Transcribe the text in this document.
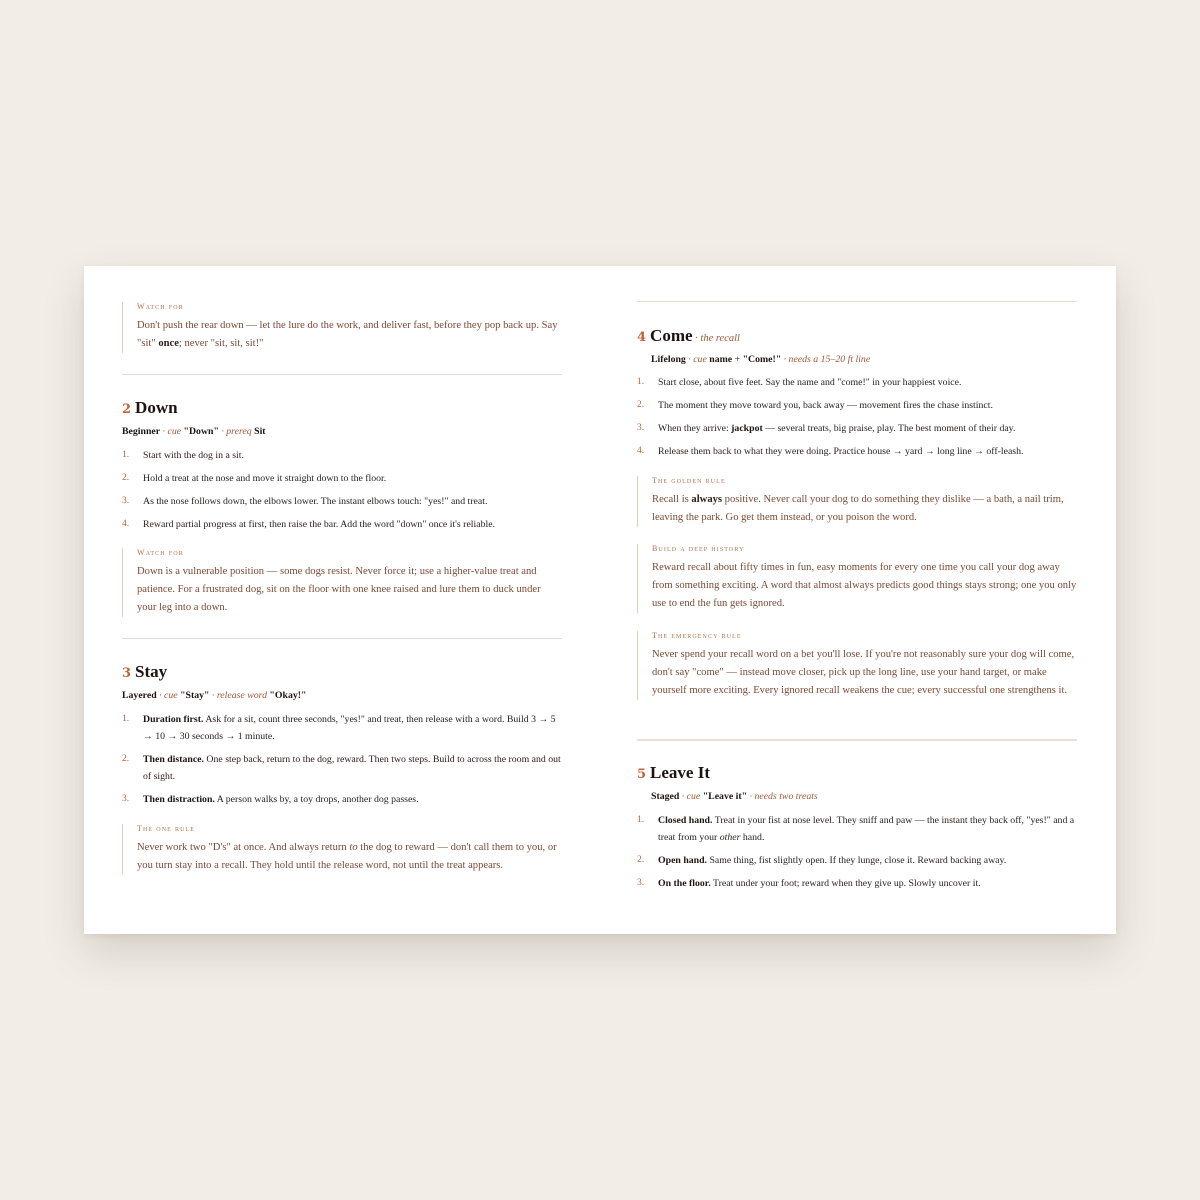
Watch for

Don't push the rear down — let the lure do the work, and deliver fast, before they pop back up. Say "sit" once; never "sit, sit, sit!"

2 Down

Beginner · cue "Down" · prereq Sit

1. Start with the dog in a sit.
2. Hold a treat at the nose and move it straight down to the floor.
3. As the nose follows down, the elbows lower. The instant elbows touch: "yes!" and treat.
4. Reward partial progress at first, then raise the bar. Add the word "down" once it's reliable.

Watch for

Down is a vulnerable position — some dogs resist. Never force it; use a higher-value treat and patience. For a frustrated dog, sit on the floor with one knee raised and lure them to duck under your leg into a down.

3 Stay

Layered · cue "Stay" · release word "Okay!"

1. Duration first. Ask for a sit, count three seconds, "yes!" and treat, then release with a word. Build 3 → 5 → 10 → 30 seconds → 1 minute.
2. Then distance. One step back, return to the dog, reward. Then two steps. Build to across the room and out of sight.
3. Then distraction. A person walks by, a toy drops, another dog passes.

The one rule

Never work two "D's" at once. And always return to the dog to reward — don't call them to you, or you turn stay into a recall. They hold until the release word, not until the treat appears.

4 Come · the recall

Lifelong · cue name + "Come!" · needs a 15–20 ft line

1. Start close, about five feet. Say the name and "come!" in your happiest voice.
2. The moment they move toward you, back away — movement fires the chase instinct.
3. When they arrive: jackpot — several treats, big praise, play. The best moment of their day.
4. Release them back to what they were doing. Practice house → yard → long line → off-leash.

The golden rule

Recall is always positive. Never call your dog to do something they dislike — a bath, a nail trim, leaving the park. Go get them instead, or you poison the word.

Build a deep history

Reward recall about fifty times in fun, easy moments for every one time you call your dog away from something exciting. A word that almost always predicts good things stays strong; one you only use to end the fun gets ignored.

The emergency rule

Never spend your recall word on a bet you'll lose. If you're not reasonably sure your dog will come, don't say "come" — instead move closer, pick up the long line, use your hand target, or make yourself more exciting. Every ignored recall weakens the cue; every successful one strengthens it.

5 Leave It

Staged · cue "Leave it" · needs two treats

1. Closed hand. Treat in your fist at nose level. They sniff and paw — the instant they back off, "yes!" and a treat from your other hand.
2. Open hand. Same thing, fist slightly open. If they lunge, close it. Reward backing away.
3. On the floor. Treat under your foot; reward when they give up. Slowly uncover it.
